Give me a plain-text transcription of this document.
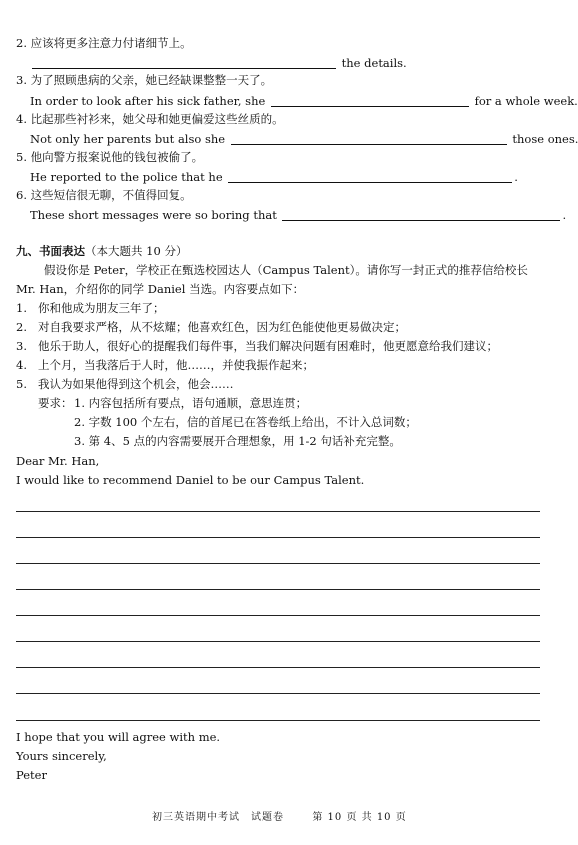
2. 应该将更多注意力付诸细节上。
the details.
3. 为了照顾患病的父亲，她已经缺课整整一天了。
In order to look after his sick father, she	for a whole week.
4. 比起那些衬衫来，她父母和她更偏爱这些丝质的。
Not only her parents but also she	those ones.
5. 他向警方报案说他的钱包被偷了。
He reported to the police that he	.
6. 这些短信很无聊，不值得回复。
These short messages were so boring that	.
九、书面表达（本大题共 10 分）
假设你是 Peter，学校正在甄选校园达人（Campus Talent）。请你写一封正式的推荐信给校长
Mr. Han，介绍你的同学 Daniel 当选。内容要点如下：
1. 你和他成为朋友三年了；
2. 对自我要求严格，从不炫耀；他喜欢红色，因为红色能使他更易做决定；
3. 他乐于助人，很好心的提醒我们每件事，当我们解决问题有困难时，他更愿意给我们建议；
4. 上个月，当我落后于人时，他……，并使我振作起来；
5. 我认为如果他得到这个机会，他会……
要求： 1. 内容包括所有要点，语句通顺，意思连贯；
2. 字数 100 个左右，信的首尾已在答卷纸上给出，不计入总词数；
3. 第 4、5 点的内容需要展开合理想象，用 1-2 句话补充完整。
Dear Mr. Han,
I would like to recommend Daniel to be our Campus Talent.
I hope that you will agree with me.
Yours sincerely,
Peter
初三英语期中考试　试题卷	第 10 页 共 10 页
